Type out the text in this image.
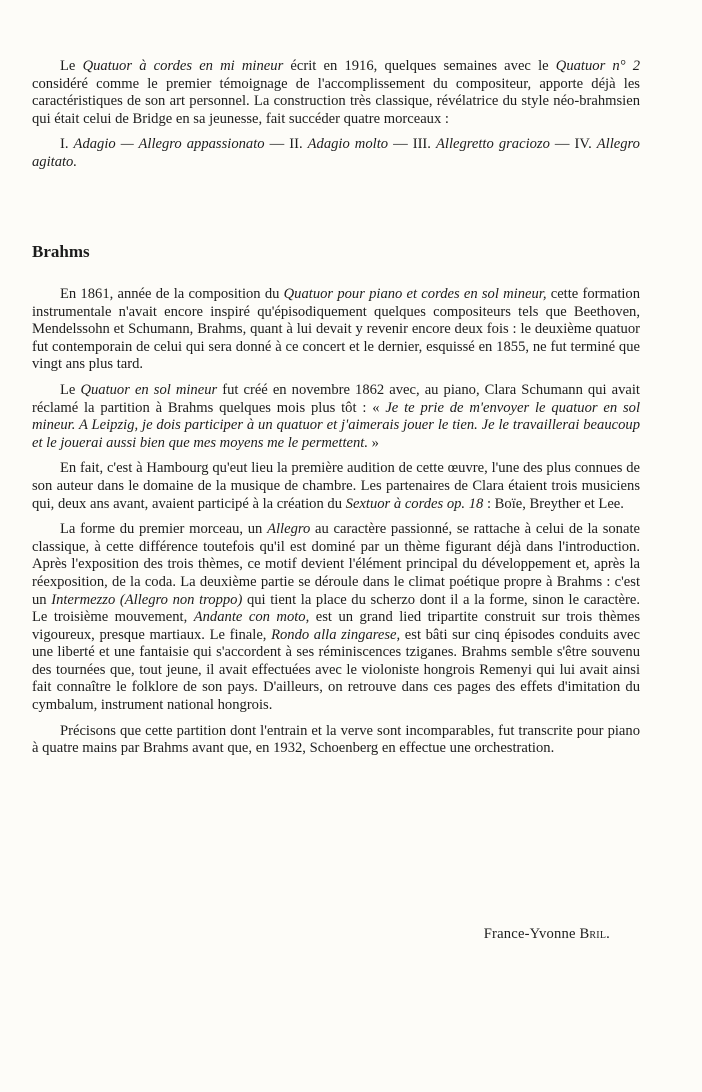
Le Quatuor à cordes en mi mineur écrit en 1916, quelques semaines avec le Quatuor n° 2 considéré comme le premier témoignage de l'accomplissement du compositeur, apporte déjà les caractéristiques de son art personnel. La construction très classique, révélatrice du style néo-brahmsien qui était celui de Bridge en sa jeunesse, fait succéder quatre morceaux :

I. Adagio — Allegro appassionato — II. Adagio molto — III. Allegretto graciozo — IV. Allegro agitato.

Brahms

En 1861, année de la composition du Quatuor pour piano et cordes en sol mineur, cette formation instrumentale n'avait encore inspiré qu'épisodiquement quelques compositeurs tels que Beethoven, Mendelssohn et Schumann, Brahms, quant à lui devait y revenir encore deux fois : le deuxième quatuor fut contemporain de celui qui sera donné à ce concert et le dernier, esquissé en 1855, ne fut terminé que vingt ans plus tard.

Le Quatuor en sol mineur fut créé en novembre 1862 avec, au piano, Clara Schumann qui avait réclamé la partition à Brahms quelques mois plus tôt : « Je te prie de m'envoyer le quatuor en sol mineur. A Leipzig, je dois participer à un quatuor et j'aimerais jouer le tien. Je le travaillerai beaucoup et le jouerai aussi bien que mes moyens me le permettent. »

En fait, c'est à Hambourg qu'eut lieu la première audition de cette œuvre, l'une des plus connues de son auteur dans le domaine de la musique de chambre. Les partenaires de Clara étaient trois musiciens qui, deux ans avant, avaient participé à la création du Sextuor à cordes op. 18 : Boïe, Breyther et Lee.

La forme du premier morceau, un Allegro au caractère passionné, se rattache à celui de la sonate classique, à cette différence toutefois qu'il est dominé par un thème figurant déjà dans l'introduction. Après l'exposition des trois thèmes, ce motif devient l'élément principal du développement et, après la réexposition, de la coda. La deuxième partie se déroule dans le climat poétique propre à Brahms : c'est un Intermezzo (Allegro non troppo) qui tient la place du scherzo dont il a la forme, sinon le caractère. Le troisième mouvement, Andante con moto, est un grand lied tripartite construit sur trois thèmes vigoureux, presque martiaux. Le finale, Rondo alla zingarese, est bâti sur cinq épisodes conduits avec une liberté et une fantaisie qui s'accordent à ses réminiscences tziganes. Brahms semble s'être souvenu des tournées que, tout jeune, il avait effectuées avec le violoniste hongrois Remenyi qui lui avait ainsi fait connaître le folklore de son pays. D'ailleurs, on retrouve dans ces pages des effets d'imitation du cymbalum, instrument national hongrois.

Précisons que cette partition dont l'entrain et la verve sont incomparables, fut transcrite pour piano à quatre mains par Brahms avant que, en 1932, Schoenberg en effectue une orchestration.

France-Yvonne Bril.
